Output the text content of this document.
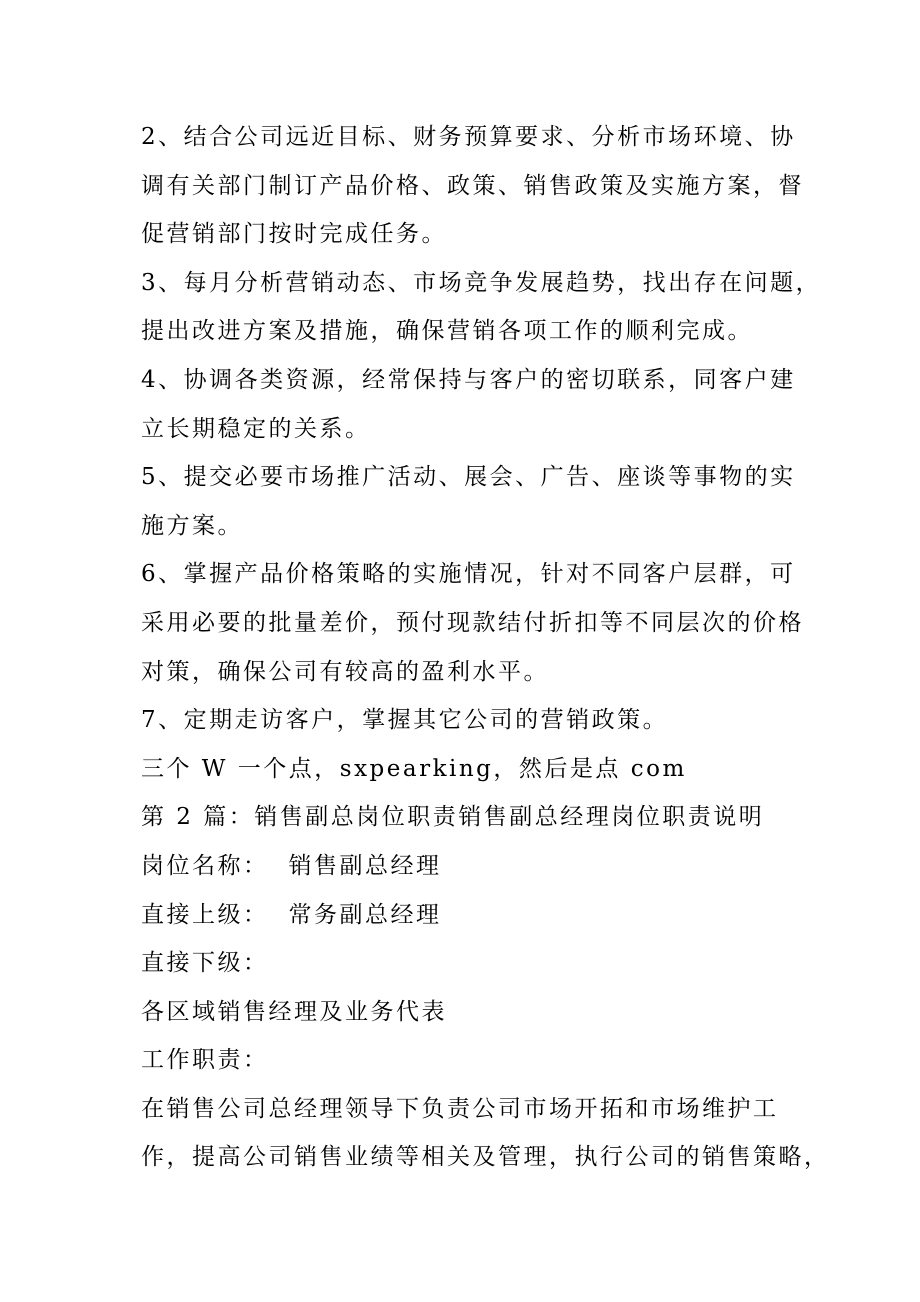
2、结合公司远近目标、财务预算要求、分析市场环境、协
调有关部门制订产品价格、政策、销售政策及实施方案，督
促营销部门按时完成任务。
3、每月分析营销动态、市场竞争发展趋势，找出存在问题，
提出改进方案及措施，确保营销各项工作的顺利完成。
4、协调各类资源，经常保持与客户的密切联系，同客户建
立长期稳定的关系。
5、提交必要市场推广活动、展会、广告、座谈等事物的实
施方案。
6、掌握产品价格策略的实施情况，针对不同客户层群，可
采用必要的批量差价，预付现款结付折扣等不同层次的价格
对策，确保公司有较高的盈利水平。
7、定期走访客户，掌握其它公司的营销政策。
三个 W 一个点，sxpearking，然后是点 com
第 2 篇：销售副总岗位职责销售副总经理岗位职责说明
岗位名称： 销售副总经理
直接上级： 常务副总经理
直接下级：
各区域销售经理及业务代表
工作职责：
在销售公司总经理领导下负责公司市场开拓和市场维护工
作，提高公司销售业绩等相关及管理，执行公司的销售策略，
